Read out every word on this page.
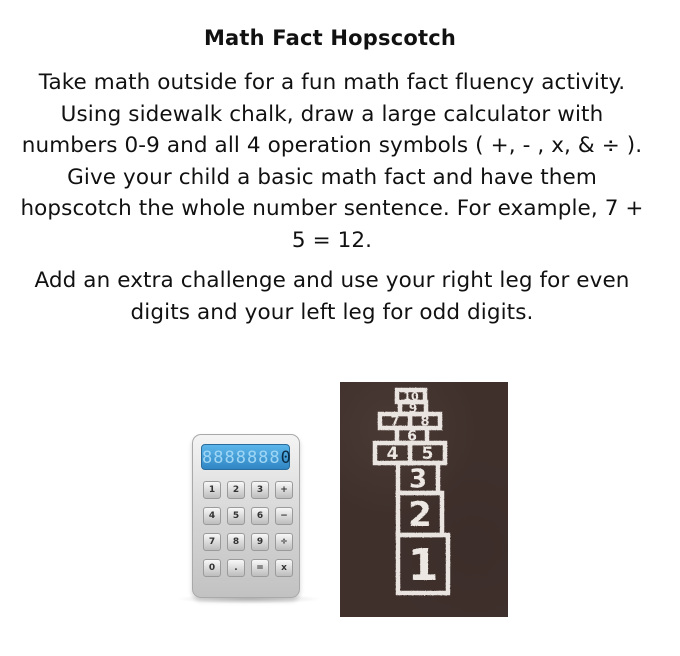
Math Fact Hopscotch
Take math outside for a fun math fact fluency activity. Using sidewalk chalk, draw a large calculator with numbers 0-9 and all 4 operation symbols ( +, - , x, & ÷ ). Give your child a basic math fact and have them hopscotch the whole number sentence. For example, 7 + 5 = 12.
Add an extra challenge and use your right leg for even digits and your left leg for odd digits.
88888880
1	2	3	+
4	5	6	−
7	8	9	÷
0	.	=	x
10
9
7 8
6
4 5
3
2
1
